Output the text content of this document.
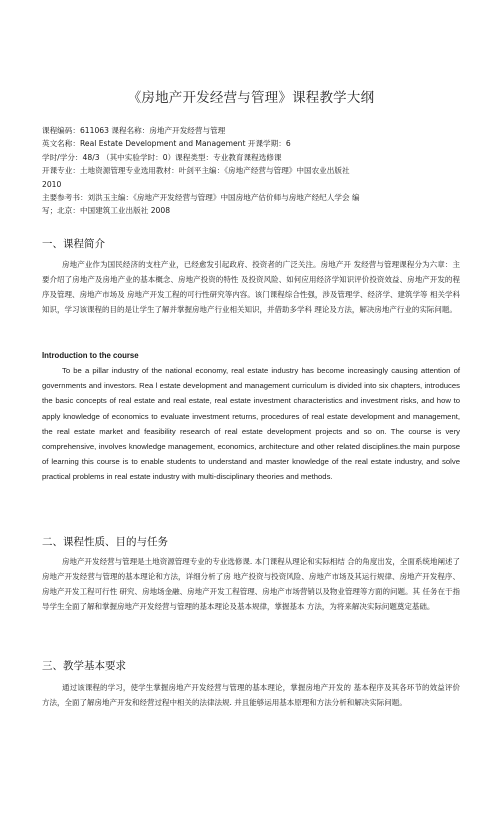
《房地产开发经营与管理》课程教学大纲
课程编码：611063 课程名称：房地产开发经营与管理
英文名称：Real Estate Development and Management 开课学期：6
学时/学分：48/3 （其中实验学时：0）课程类型：专业教育课程选修课
开课专业：土地资源管理专业选用教材：叶剑平主编：《房地产经营与管理》中国农业出版社
2010
主要参考书：刘洪玉主编：《房地产开发经营与管理》中国房地产估价师与房地产经纪人学会 编
写；北京：中国建筑工业出版社 2008
一、课程简介
房地产业作为国民经济的支柱产业，已经愈发引起政府、投资者的广泛关注。房地产开 发经营与管理课程分为六章：主要介绍了房地产及房地产业的基本概念、房地产投资的特性 及投资风险、如何应用经济学知识评价投资效益、房地产开发的程序及管理、房地产市场及 房地产开发工程的可行性研究等内容。该门课程综合性强，涉及管理学、经济学、建筑学等 相关学科知识，学习该课程的目的是让学生了解并掌握房地产行业相关知识，并借助多学科 理论及方法，解决房地产行业的实际问题。
Introduction to the course
To be a pillar industry of the national economy, real estate industry has become increasingly causing attention of governments and investors. Rea l estate development and management curriculum is divided into six chapters, introduces the basic concepts of real estate and real estate, real estate investment characteristics and investment risks, and how to apply knowledge of economics to evaluate investment returns, procedures of real estate development and management, the real estate market and feasibility research of real estate development projects and so on. The course is very comprehensive, involves knowledge management, economics, architecture and other related disciplines.the main purpose of learning this course is to enable students to understand and master knowledge of the real estate industry, and solve practical problems in real estate industry with multi-disciplinary theories and methods.
二、课程性质、目的与任务
房地产开发经营与管理是土地资源管理专业的专业选修课. 本门课程从理论和实际相结 合的角度出发，全面系统地阐述了房地产开发经营与管理的基本理论和方法，详细分析了房 地产投资与投资风险、房地产市场及其运行规律、房地产开发程序、房地产开发工程可行性 研究、房地场金融、房地产开发工程管理、房地产市场营销以及物业管理等方面的问题。其 任务在于指导学生全面了解和掌握房地产开发经营与管理的基本理论及基本规律，掌握基本 方法，为将来解决实际问题奠定基础。
三、教学基本要求
通过该课程的学习，使学生掌握房地产开发经营与管理的基本理论，掌握房地产开发的 基本程序及其各环节的效益评价方法，全面了解房地产开发和经营过程中相关的法律法规. 并且能够运用基本原理和方法分析和解决实际问题。
